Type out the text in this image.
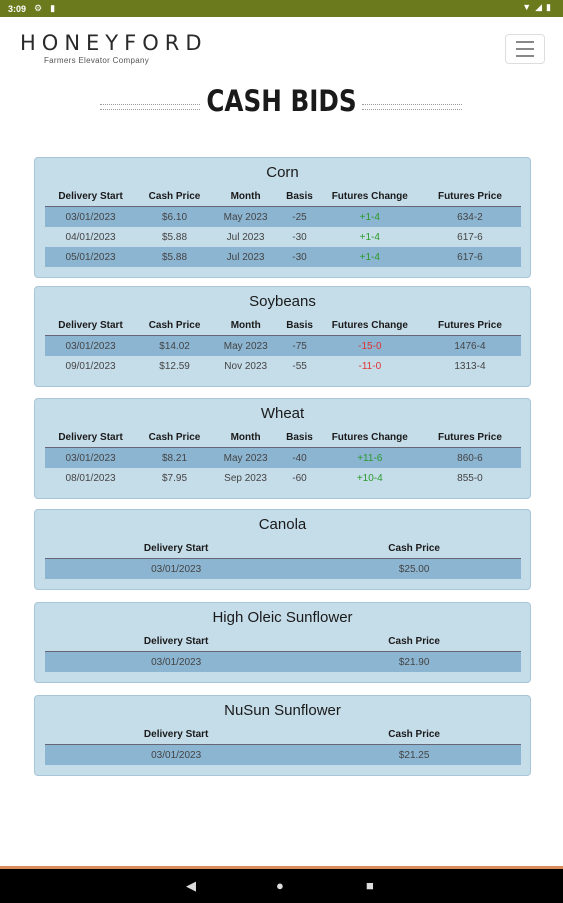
3:09 ⚙ ▮	▼◢▮
HONEYFORD
Farmers Elevator Company
CASH BIDS
Corn
Delivery Start	Cash Price	Month	Basis	Futures Change	Futures Price
03/01/2023	$6.10	May 2023	-25	+1-4	634-2
04/01/2023	$5.88	Jul 2023	-30	+1-4	617-6
05/01/2023	$5.88	Jul 2023	-30	+1-4	617-6
Soybeans
Delivery Start	Cash Price	Month	Basis	Futures Change	Futures Price
03/01/2023	$14.02	May 2023	-75	-15-0	1476-4
09/01/2023	$12.59	Nov 2023	-55	-11-0	1313-4
Wheat
Delivery Start	Cash Price	Month	Basis	Futures Change	Futures Price
03/01/2023	$8.21	May 2023	-40	+11-6	860-6
08/01/2023	$7.95	Sep 2023	-60	+10-4	855-0
Canola
Delivery Start	Cash Price
03/01/2023	$25.00
High Oleic Sunflower
Delivery Start	Cash Price
03/01/2023	$21.90
NuSun Sunflower
Delivery Start	Cash Price
03/01/2023	$21.25
◀	●	■
